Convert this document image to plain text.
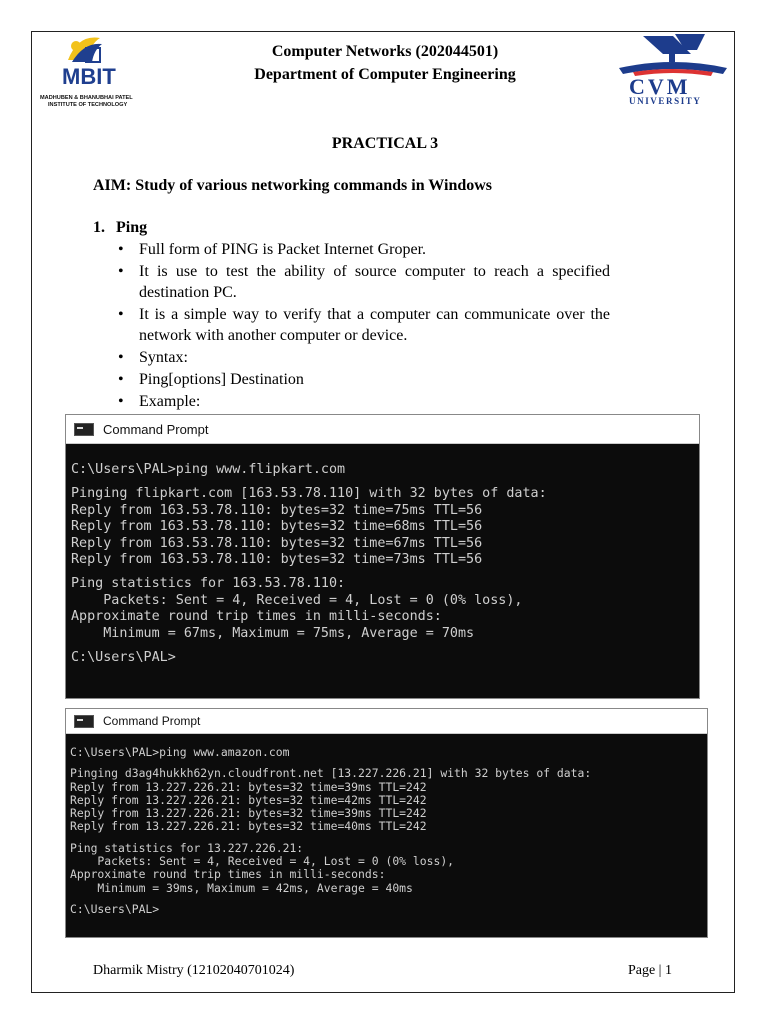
MBIT
MADHUBEN & BHANUBHAI PATEL
INSTITUTE OF TECHNOLOGY
CVM
UNIVERSITY
Computer Networks (202044501)
Department of Computer Engineering
PRACTICAL 3
AIM: Study of various networking commands in Windows
1. Ping
• Full form of PING is Packet Internet Groper.
• It is use to test the ability of source computer to reach a specified destination PC.
• It is a simple way to verify that a computer can communicate over the network with another computer or device.
• Syntax:
• Ping[options] Destination
• Example:
Command Prompt
C:\Users\PAL>ping www.flipkart.com
Pinging flipkart.com [163.53.78.110] with 32 bytes of data:
Reply from 163.53.78.110: bytes=32 time=75ms TTL=56
Reply from 163.53.78.110: bytes=32 time=68ms TTL=56
Reply from 163.53.78.110: bytes=32 time=67ms TTL=56
Reply from 163.53.78.110: bytes=32 time=73ms TTL=56
Ping statistics for 163.53.78.110:
Packets: Sent = 4, Received = 4, Lost = 0 (0% loss),
Approximate round trip times in milli-seconds:
Minimum = 67ms, Maximum = 75ms, Average = 70ms
C:\Users\PAL>
Command Prompt
C:\Users\PAL>ping www.amazon.com
Pinging d3ag4hukkh62yn.cloudfront.net [13.227.226.21] with 32 bytes of data:
Reply from 13.227.226.21: bytes=32 time=39ms TTL=242
Reply from 13.227.226.21: bytes=32 time=42ms TTL=242
Reply from 13.227.226.21: bytes=32 time=39ms TTL=242
Reply from 13.227.226.21: bytes=32 time=40ms TTL=242
Ping statistics for 13.227.226.21:
Packets: Sent = 4, Received = 4, Lost = 0 (0% loss),
Approximate round trip times in milli-seconds:
Minimum = 39ms, Maximum = 42ms, Average = 40ms
C:\Users\PAL>
Dharmik Mistry (12102040701024)	Page | 1
